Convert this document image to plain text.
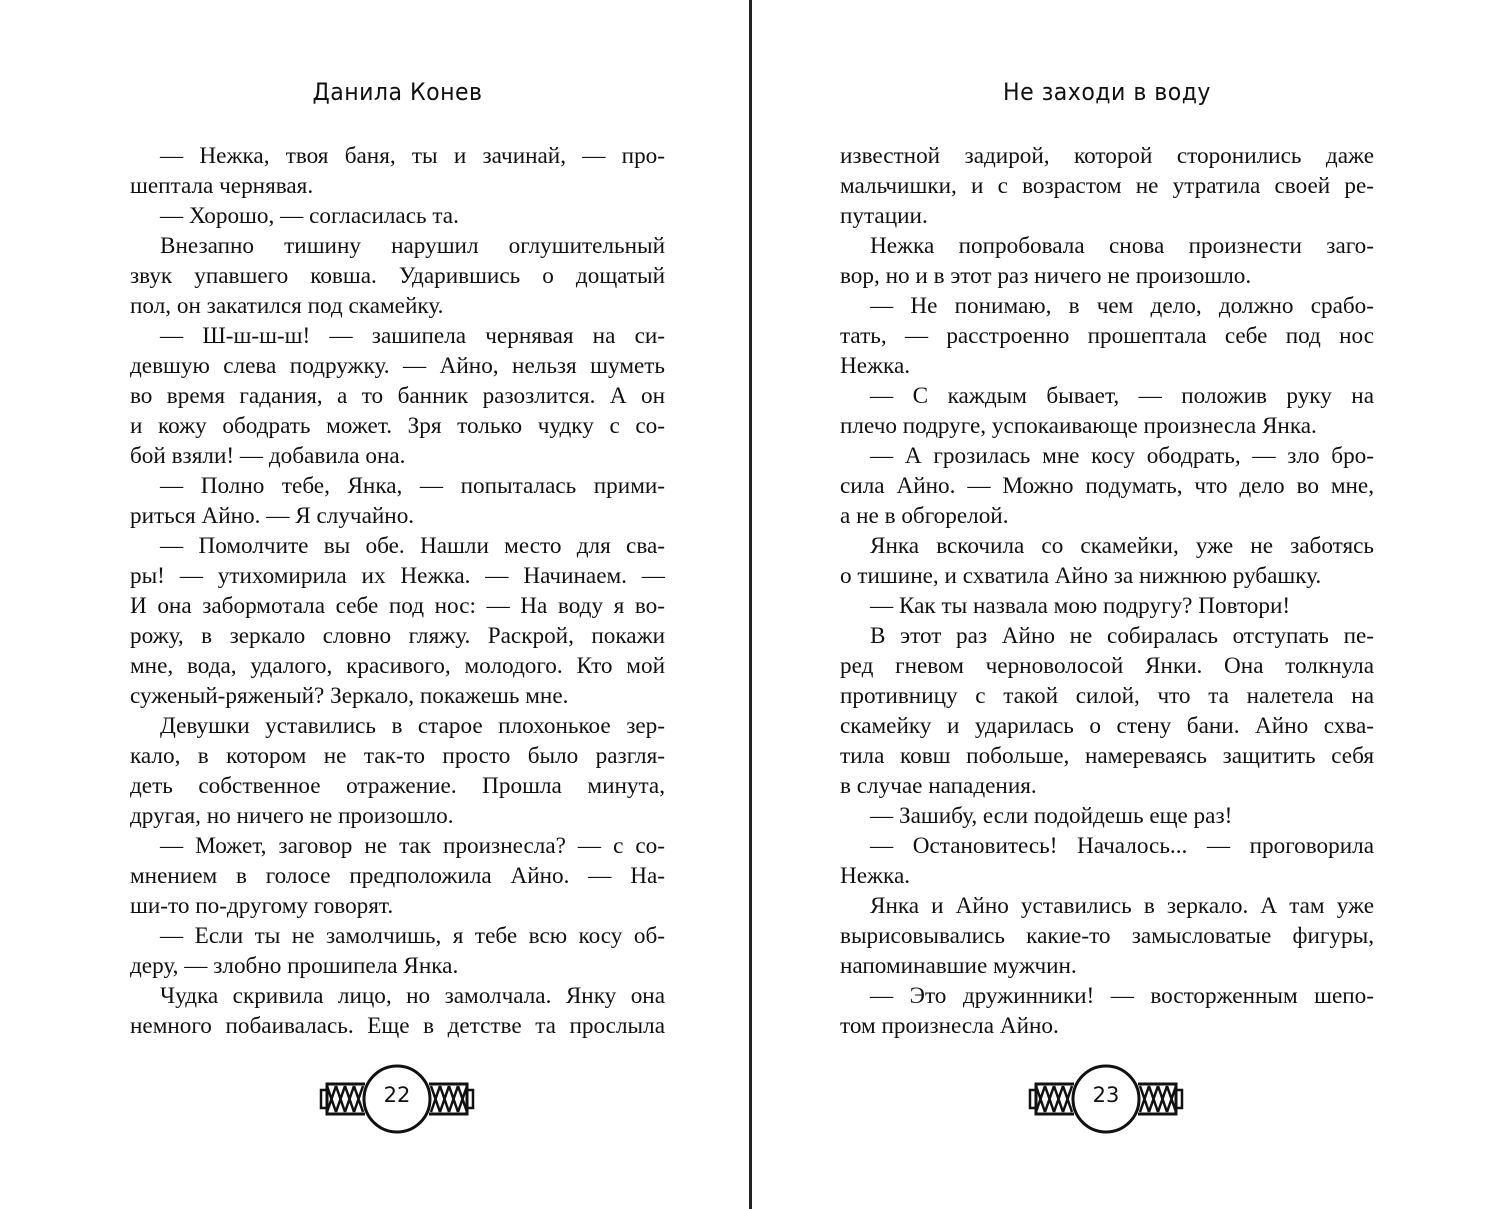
Данила Конев
— Нежка, твоя баня, ты и зачинай, — про-
шептала чернявая.
— Хорошо, — согласилась та.
Внезапно тишину нарушил оглушительный
звук упавшего ковша. Ударившись о дощатый
пол, он закатился под скамейку.
— Ш-ш-ш-ш! — зашипела чернявая на си-
девшую слева подружку. — Айно, нельзя шуметь
во время гадания, а то банник разозлится. А он
и кожу ободрать может. Зря только чудку с со-
бой взяли! — добавила она.
— Полно тебе, Янка, — попыталась прими-
риться Айно. — Я случайно.
— Помолчите вы обе. Нашли место для сва-
ры! — утихомирила их Нежка. — Начинаем. —
И она забормотала себе под нос: — На воду я во-
рожу, в зеркало словно гляжу. Раскрой, покажи
мне, вода, удалого, красивого, молодого. Кто мой
суженый-ряженый? Зеркало, покажешь мне.
Девушки уставились в старое плохонькое зер-
кало, в котором не так-то просто было разгля-
деть собственное отражение. Прошла минута,
другая, но ничего не произошло.
— Может, заговор не так произнесла? — с со-
мнением в голосе предположила Айно. — На-
ши-то по-другому говорят.
— Если ты не замолчишь, я тебе всю косу об-
деру, — злобно прошипела Янка.
Чудка скривила лицо, но замолчала. Янку она
немного побаивалась. Еще в детстве та прослыла
22
Не заходи в воду
известной задирой, которой сторонились даже
мальчишки, и с возрастом не утратила своей ре-
путации.
Нежка попробовала снова произнести заго-
вор, но и в этот раз ничего не произошло.
— Не понимаю, в чем дело, должно срабо-
тать, — расстроенно прошептала себе под нос
Нежка.
— С каждым бывает, — положив руку на
плечо подруге, успокаивающе произнесла Янка.
— А грозилась мне косу ободрать, — зло бро-
сила Айно. — Можно подумать, что дело во мне,
а не в обгорелой.
Янка вскочила со скамейки, уже не заботясь
о тишине, и схватила Айно за нижнюю рубашку.
— Как ты назвала мою подругу? Повтори!
В этот раз Айно не собиралась отступать пе-
ред гневом черноволосой Янки. Она толкнула
противницу с такой силой, что та налетела на
скамейку и ударилась о стену бани. Айно схва-
тила ковш побольше, намереваясь защитить себя
в случае нападения.
— Зашибу, если подойдешь еще раз!
— Остановитесь! Началось... — проговорила
Нежка.
Янка и Айно уставились в зеркало. А там уже
вырисовывались какие-то замысловатые фигуры,
напоминавшие мужчин.
— Это дружинники! — восторженным шепо-
том произнесла Айно.
23
